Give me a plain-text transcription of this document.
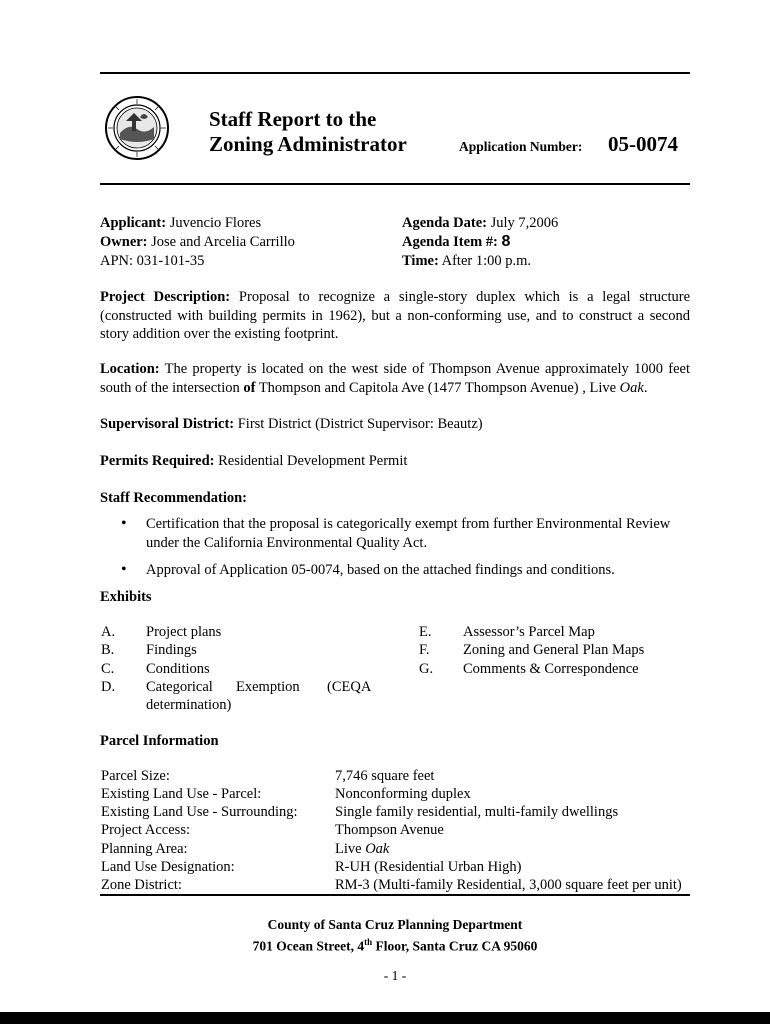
Staff Report to the
Zoning Administrator	Application Number: 05-0074
Applicant: Juvencio Flores
Owner: Jose and Arcelia Carrillo
APN: 031-101-35
Agenda Date: July 7,2006
Agenda Item #: 8
Time: After 1:00 p.m.
Project Description: Proposal to recognize a single-story duplex which is a legal structure (constructed with building permits in 1962), but a non-conforming use, and to construct a second story addition over the existing footprint.
Location: The property is located on the west side of Thompson Avenue approximately 1000 feet south of the intersection of Thompson and Capitola Ave (1477 Thompson Avenue) , Live Oak.
Supervisoral District: First District (District Supervisor: Beautz)
Permits Required: Residential Development Permit
Staff Recommendation:
• Certification that the proposal is categorically exempt from further Environmental Review under the California Environmental Quality Act.
• Approval of Application 05-0074, based on the attached findings and conditions.
Exhibits
A. Project plans
B. Findings
C. Conditions
D. Categorical Exemption (CEQA
determination)
E. Assessor’s Parcel Map
F. Zoning and General Plan Maps
G. Comments & Correspondence
Parcel Information
Parcel Size:	7,746 square feet
Existing Land Use - Parcel:	Nonconforming duplex
Existing Land Use - Surrounding:	Single family residential, multi-family dwellings
Project Access:	Thompson Avenue
Planning Area:	Live Oak
Land Use Designation:	R-UH (Residential Urban High)
Zone District:	RM-3 (Multi-family Residential, 3,000 square feet per unit)
County of Santa Cruz Planning Department
701 Ocean Street, 4th Floor, Santa Cruz CA 95060
- 1 -
